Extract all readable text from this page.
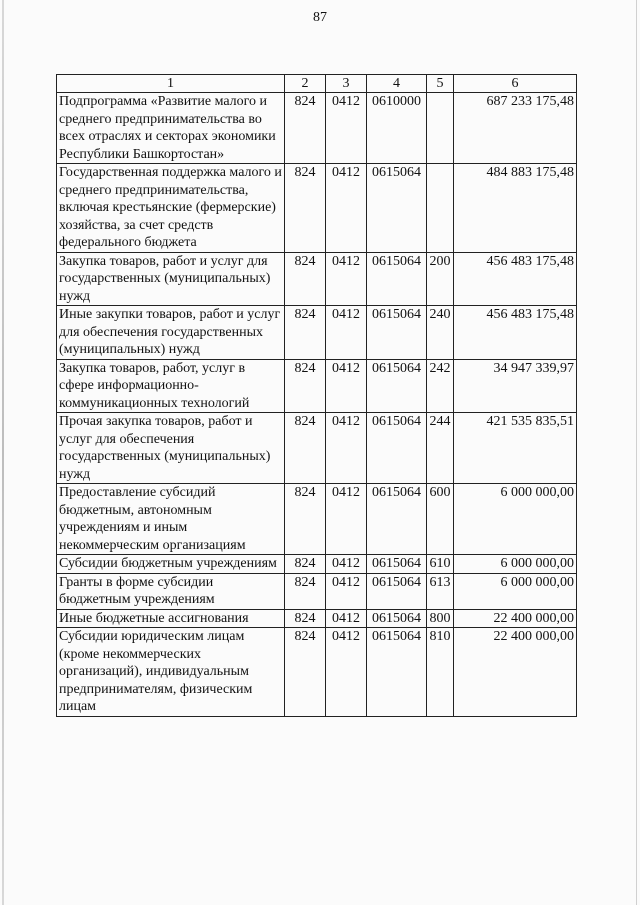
87
1	2	3	4	5	6
Подпрограмма «Развитие малого и среднего предпринимательства во всех отраслях и секторах экономики Республики Башкортостан»	824	0412	0610000		687 233 175,48
Государственная поддержка малого и среднего предпринимательства, включая крестьянские (фермерские) хозяйства, за счет средств федерального бюджета	824	0412	0615064		484 883 175,48
Закупка товаров, работ и услуг для государственных (муниципальных) нужд	824	0412	0615064	200	456 483 175,48
Иные закупки товаров, работ и услуг для обеспечения государственных (муниципальных) нужд	824	0412	0615064	240	456 483 175,48
Закупка товаров, работ, услуг в сфере информационно-коммуникационных технологий	824	0412	0615064	242	34 947 339,97
Прочая закупка товаров, работ и услуг для обеспечения государственных (муниципальных) нужд	824	0412	0615064	244	421 535 835,51
Предоставление субсидий бюджетным, автономным учреждениям и иным некоммерческим организациям	824	0412	0615064	600	6 000 000,00
Субсидии бюджетным учреждениям	824	0412	0615064	610	6 000 000,00
Гранты в форме субсидии бюджетным учреждениям	824	0412	0615064	613	6 000 000,00
Иные бюджетные ассигнования	824	0412	0615064	800	22 400 000,00
Субсидии юридическим лицам (кроме некоммерческих организаций), индивидуальным предпринимателям, физическим лицам	824	0412	0615064	810	22 400 000,00
